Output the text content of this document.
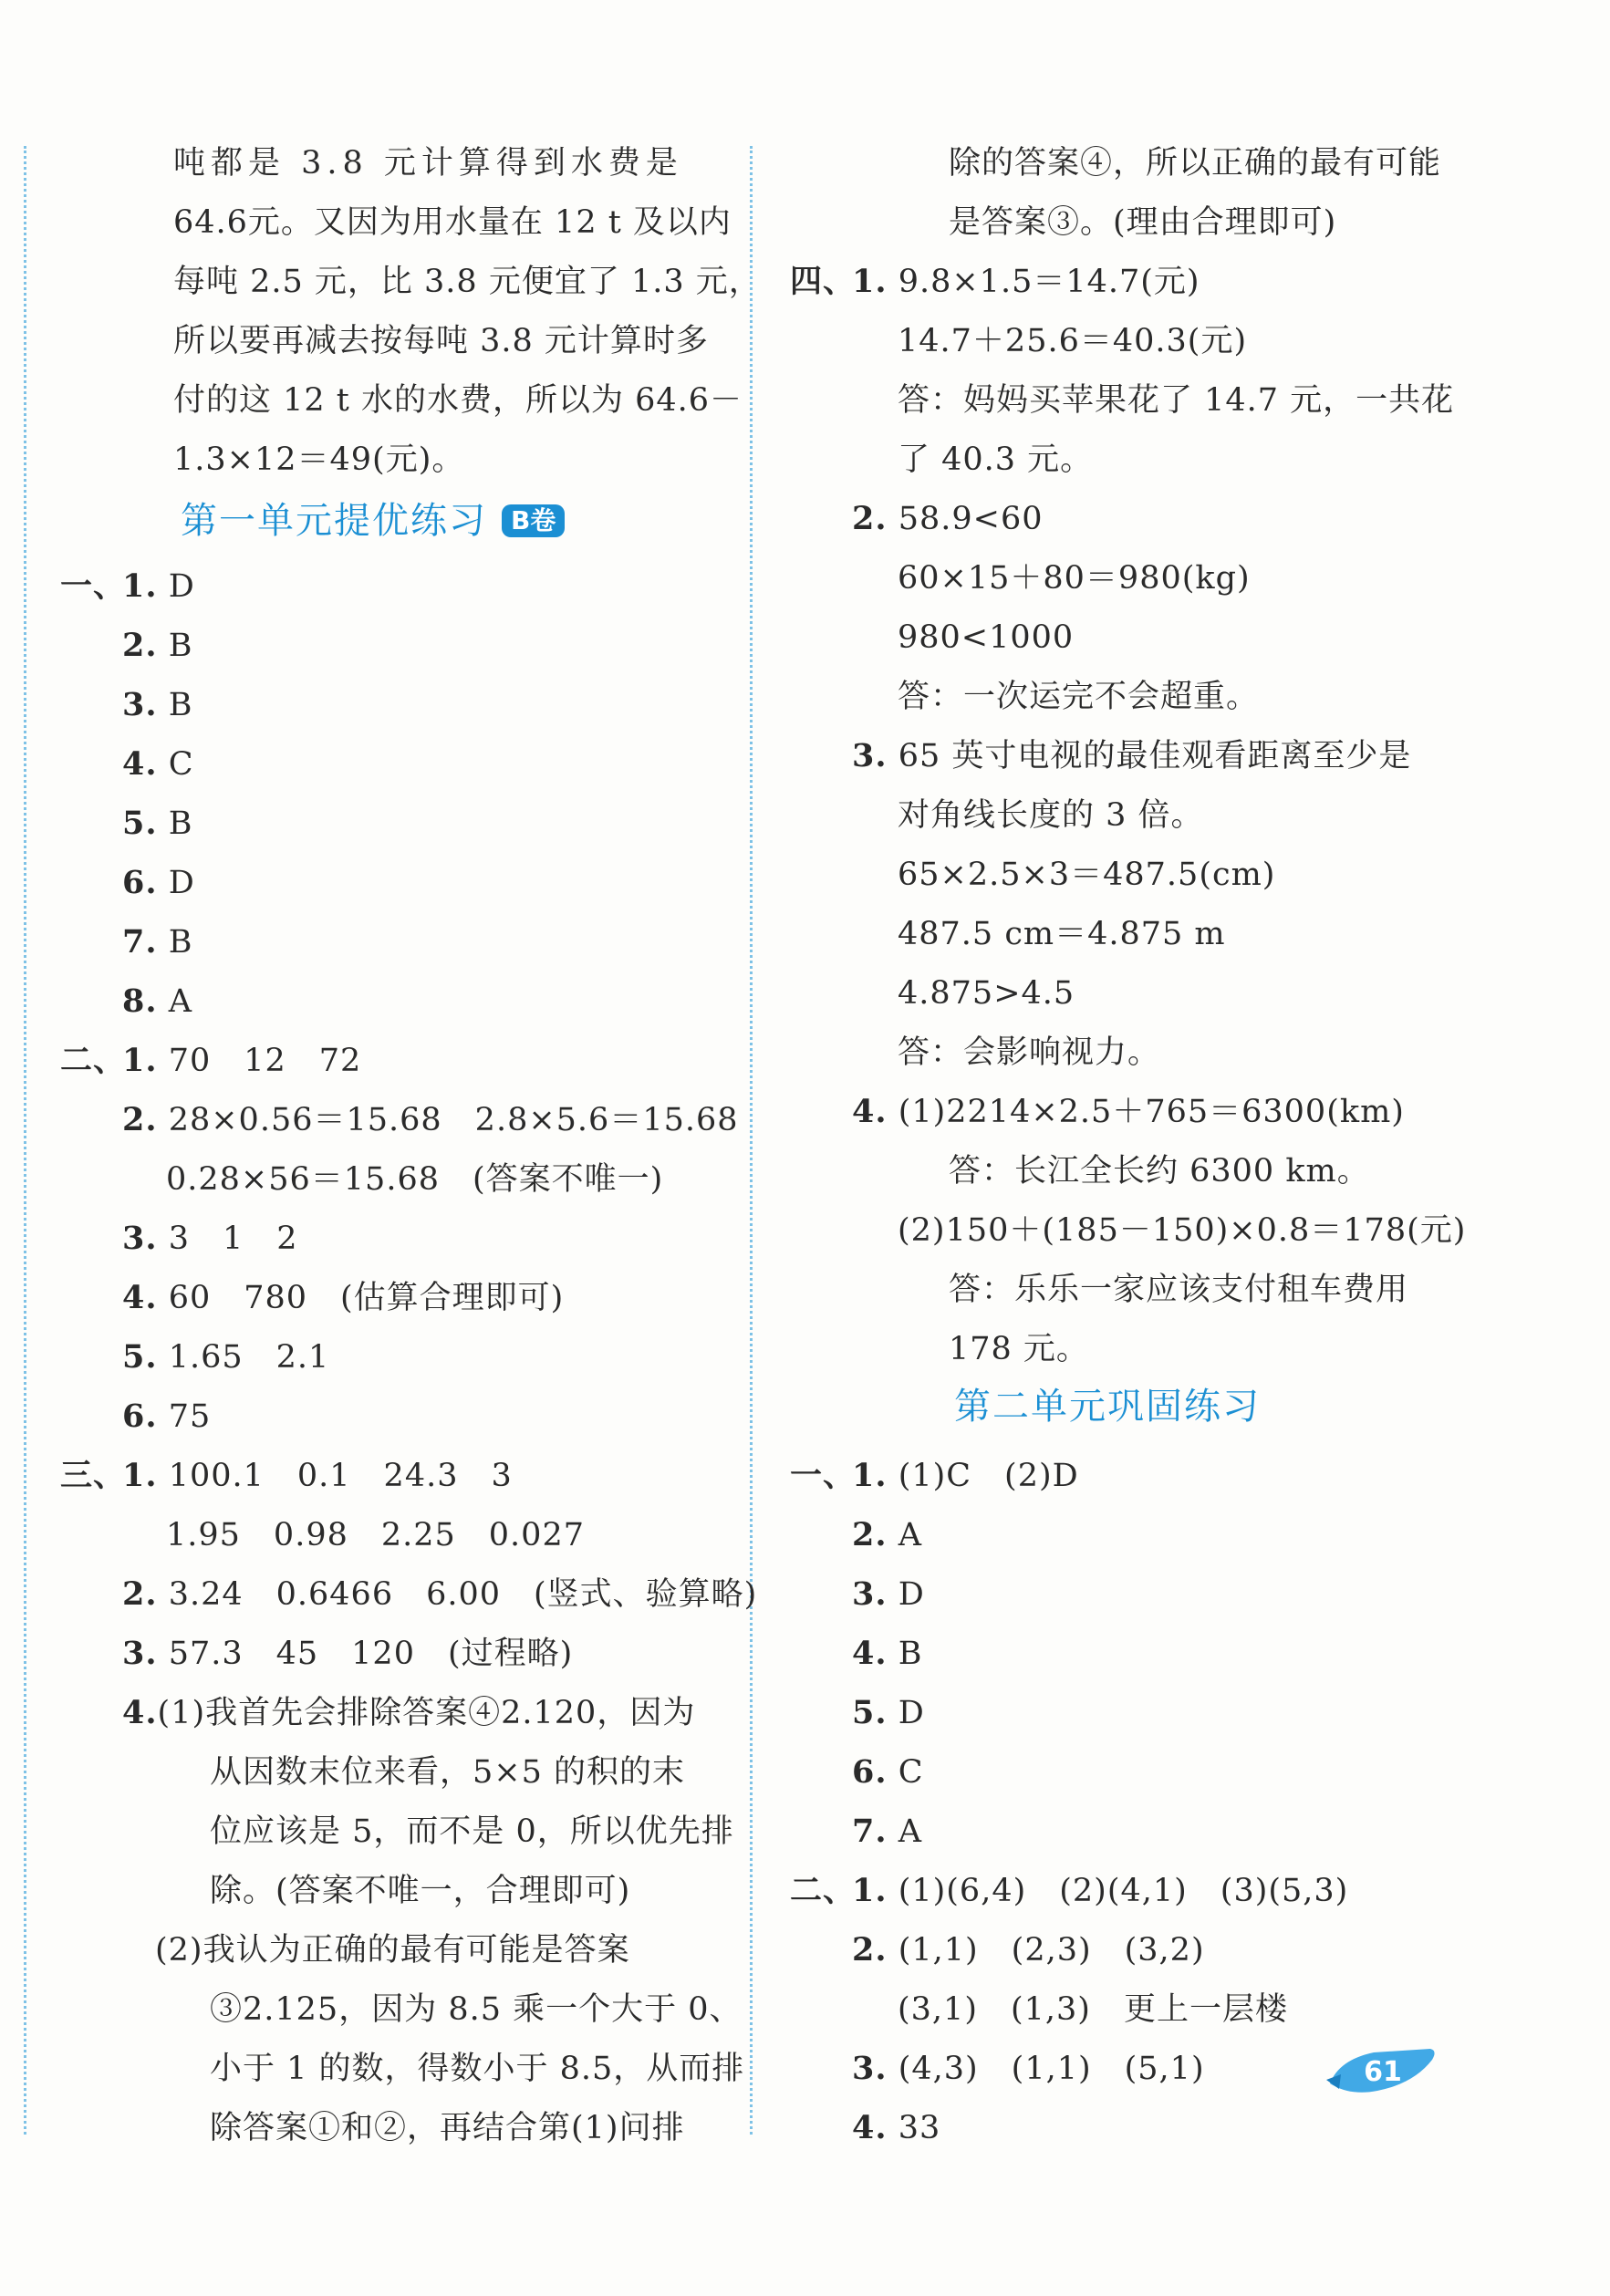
吨都是 3.8 元计算得到水费是
64.6元。又因为用水量在 12 t 及以内
每吨 2.5 元，比 3.8 元便宜了 1.3 元，
所以要再减去按每吨 3.8 元计算时多
付的这 12 t 水的水费，所以为 64.6－
1.3×12＝49(元)。
第一单元提优练习 B卷
一、
1. D
2. B
3. B
4. C
5. B
6. D
7. B
8. A
二、
1. 70　12　72
2. 28×0.56＝15.68　2.8×5.6＝15.68
0.28×56＝15.68　(答案不唯一)
3. 3　1　2
4. 60　780　(估算合理即可)
5. 1.65　2.1
6. 75
三、
1. 100.1　0.1　24.3　3
1.95　0.98　2.25　0.027
2. 3.24　0.6466　6.00　(竖式、验算略)
3. 57.3　45　120　(过程略)
4.(1)我首先会排除答案④2.120，因为
从因数末位来看，5×5 的积的末
位应该是 5，而不是 0，所以优先排
除。(答案不唯一，合理即可)
(2)我认为正确的最有可能是答案
③2.125，因为 8.5 乘一个大于 0、
小于 1 的数，得数小于 8.5，从而排
除答案①和②，再结合第(1)问排
除的答案④，所以正确的最有可能
是答案③。(理由合理即可)
四、
1. 9.8×1.5＝14.7(元)
14.7＋25.6＝40.3(元)
答：妈妈买苹果花了 14.7 元，一共花
了 40.3 元。
2. 58.9<60
60×15＋80＝980(kg)
980<1000
答：一次运完不会超重。
3. 65 英寸电视的最佳观看距离至少是
对角线长度的 3 倍。
65×2.5×3＝487.5(cm)
487.5 cm＝4.875 m
4.875>4.5
答：会影响视力。
4. (1)2214×2.5＋765＝6300(km)
答：长江全长约 6300 km。
(2)150＋(185－150)×0.8＝178(元)
答：乐乐一家应该支付租车费用
178 元。
第二单元巩固练习
一、
1. (1)C　(2)D
2. A
3. D
4. B
5. D
6. C
7. A
二、
1. (1)(6,4)　(2)(4,1)　(3)(5,3)
2. (1,1)　(2,3)　(3,2)
(3,1)　(1,3)　更上一层楼
3. (4,3)　(1,1)　(5,1)
4. 33
61
